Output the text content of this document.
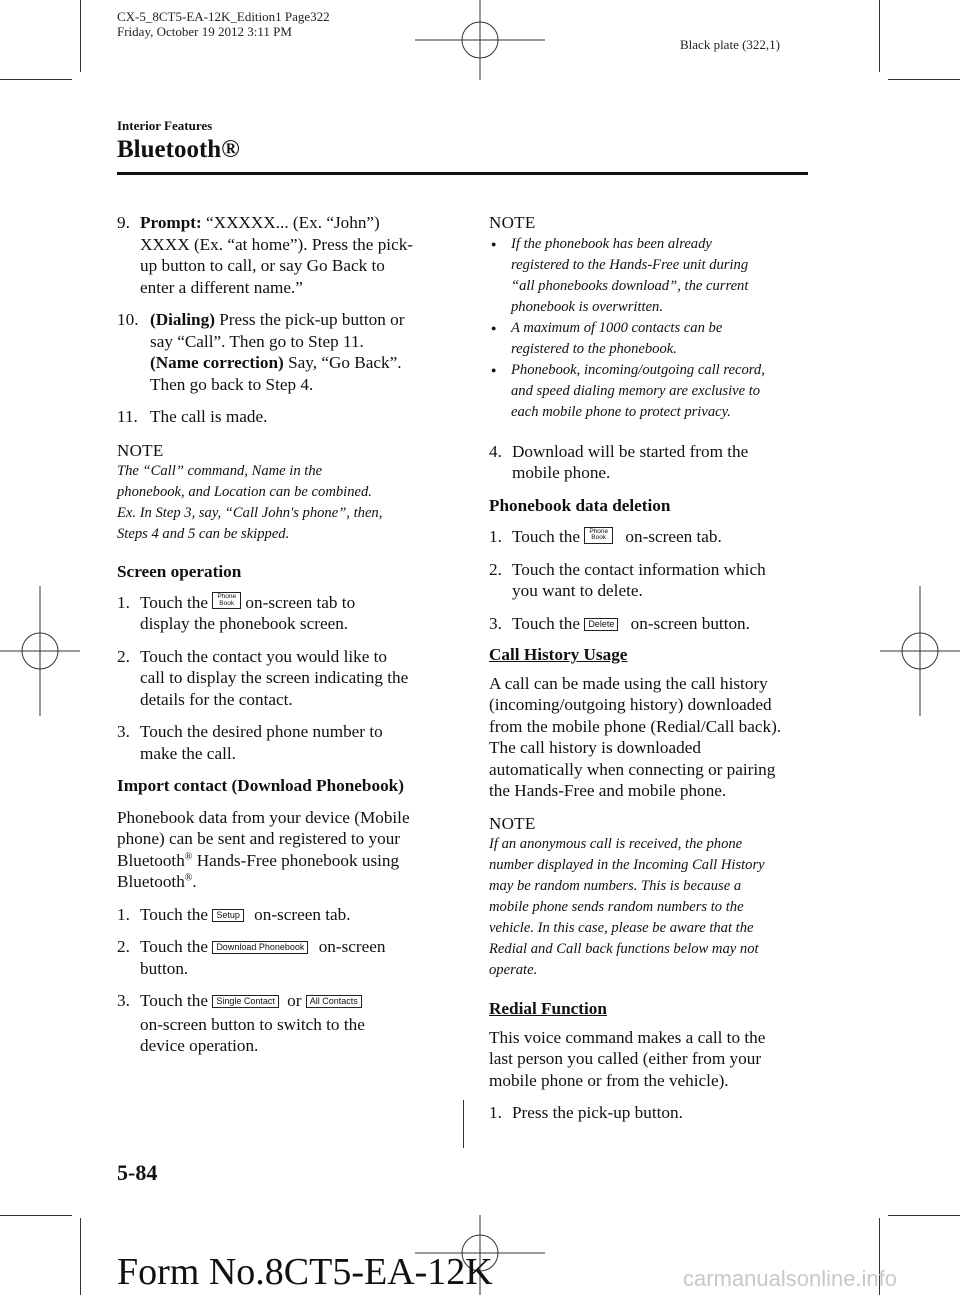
CX-5_8CT5-EA-12K_Edition1 Page322
Friday, October 19 2012 3:11 PM
Black plate (322,1)
Interior Features
Bluetooth®
9. Prompt: “XXXXX... (Ex. “John”)

XXXX (Ex. “at home”). Press the pick-

up button to call, or say Go Back to

enter a different name.”

10. (Dialing) Press the pick-up button or

say “Call”. Then go to Step 11.

(Name correction) Say, “Go Back”.

Then go back to Step 4.

11. The call is made.

NOTE

The “Call” command, Name in the

phonebook, and Location can be combined.

Ex. In Step 3, say, “Call John's phone”, then,

Steps 4 and 5 can be skipped.

Screen operation

1. Touch the Phone
Book on-screen tab to

display the phonebook screen.

2. Touch the contact you would like to

call to display the screen indicating the

details for the contact.

3. Touch the desired phone number to

make the call.

Import contact (Download Phonebook)

Phonebook data from your device (Mobile

phone) can be sent and registered to your

Bluetooth® Hands-Free phonebook using

Bluetooth®.

1. Touch the Setup on-screen tab.

2. Touch the Download Phonebook on-screen

button.

3. Touch the Single Contact or All Contacts

on-screen button to switch to the

device operation.

NOTE

● If the phonebook has been already

registered to the Hands-Free unit during

“all phonebooks download”, the current

phonebook is overwritten.

● A maximum of 1000 contacts can be

registered to the phonebook.

● Phonebook, incoming/outgoing call record,

and speed dialing memory are exclusive to

each mobile phone to protect privacy.

4. Download will be started from the

mobile phone.

Phonebook data deletion

1. Touch the Phone
Book on-screen tab.

2. Touch the contact information which

you want to delete.

3. Touch the Delete on-screen button.

Call History Usage

A call can be made using the call history

(incoming/outgoing history) downloaded

from the mobile phone (Redial/Call back).

The call history is downloaded

automatically when connecting or pairing

the Hands-Free and mobile phone.

NOTE

If an anonymous call is received, the phone

number displayed in the Incoming Call History

may be random numbers. This is because a

mobile phone sends random numbers to the

vehicle. In this case, please be aware that the

Redial and Call back functions below may not

operate.

Redial Function

This voice command makes a call to the

last person you called (either from your

mobile phone or from the vehicle).

1. Press the pick-up button.

5-84
Form No.8CT5-EA-12K	carmanualsonline.info
